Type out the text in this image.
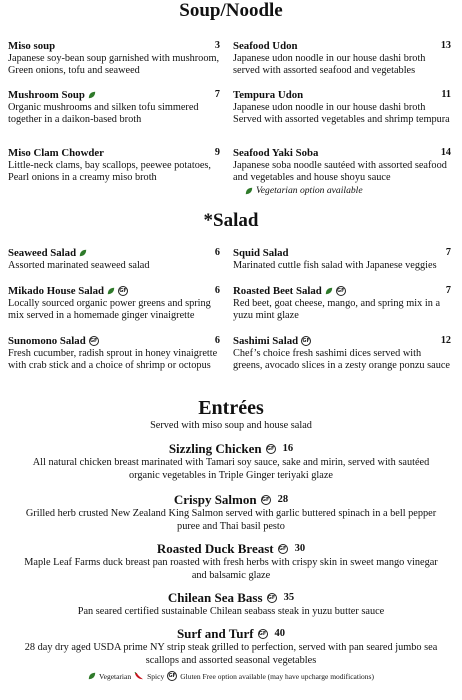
Soup/Noodle
Miso soup	3
Japanese soy-bean soup garnished with mushroom, Green onions, tofu and seaweed
Mushroom Soup	7
Organic mushrooms and silken tofu simmered together in a daikon-based broth
Miso Clam Chowder	9
Little-neck clams, bay scallops, peewee potatoes, Pearl onions in a creamy miso broth
Seafood Udon	13
Japanese udon noodle in our house dashi broth served with assorted seafood and vegetables
Tempura Udon	11
Japanese udon noodle in our house dashi broth Served with assorted vegetables and shrimp tempura
Seafood Yaki Soba	14
Japanese soba noodle sautéed with assorted seafood and vegetables and house shoyu sauce
Vegetarian option available
*Salad
Seaweed Salad	6
Assorted marinated seaweed salad
Mikado House Salad	GF	6
Locally sourced organic power greens and spring mix served in a homemade ginger vinaigrette
Sunomono Salad GF	6
Fresh cucumber, radish sprout in honey vinaigrette with crab stick and a choice of shrimp or octopus
Squid Salad	7
Marinated cuttle fish salad with Japanese veggies
Roasted Beet Salad	GF	7
Red beet, goat cheese, mango, and spring mix in a yuzu mint glaze
Sashimi Salad GF	12
Chef’s choice fresh sashimi dices served with greens, avocado slices in a zesty orange ponzu sauce
Entrées
Served with miso soup and house salad
Sizzling Chicken GF 16
All natural chicken breast marinated with Tamari soy sauce, sake and mirin, served with sautéed organic vegetables in Triple Ginger teriyaki glaze
Crispy Salmon GF 28
Grilled herb crusted New Zealand King Salmon served with garlic buttered spinach in a bell pepper puree and Thai basil pesto
Roasted Duck Breast GF 30
Maple Leaf Farms duck breast pan roasted with fresh herbs with crispy skin in sweet mango vinegar and balsamic glaze
Chilean Sea Bass GF 35
Pan seared certified sustainable Chilean seabass steak in yuzu butter sauce
Surf and Turf GF 40
28 day dry aged USDA prime NY strip steak grilled to perfection, served with pan seared jumbo sea scallops and assorted seasonal vegetables
Vegetarian Spicy GF Gluten Free option available (may have upcharge modifications)
